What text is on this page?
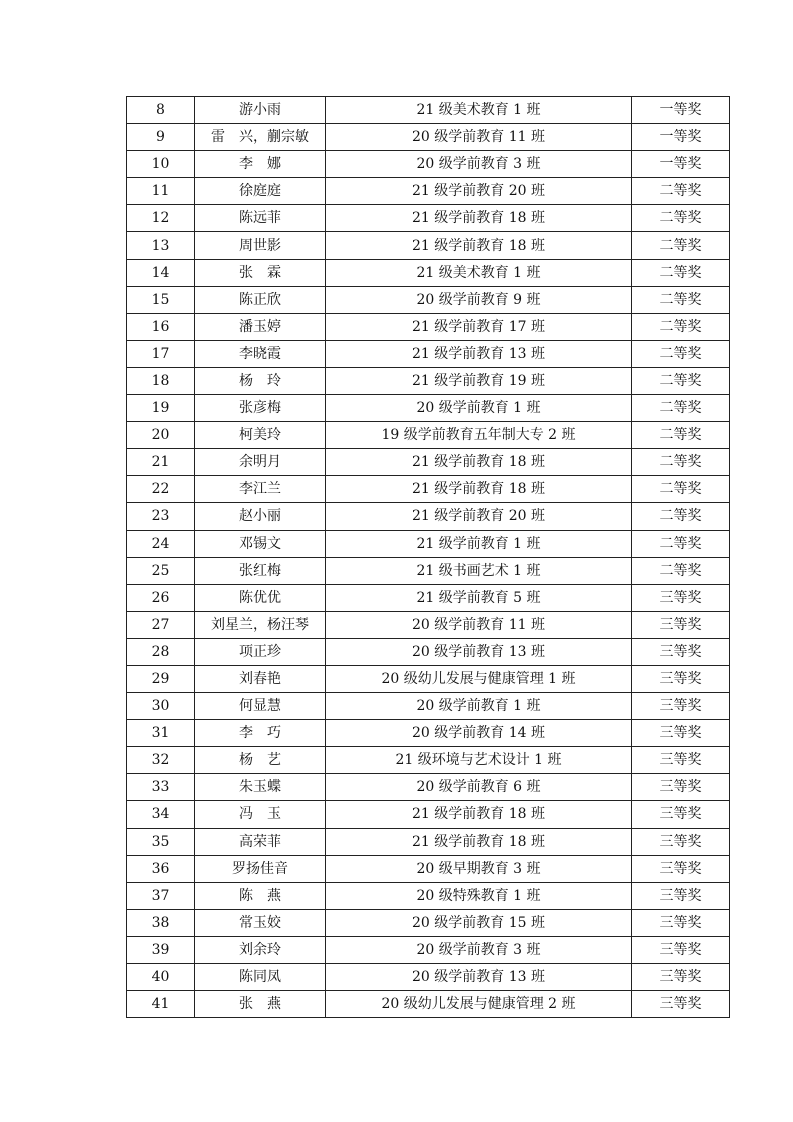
8	游小雨	21 级美术教育 1 班	一等奖
9	雷　兴，蒯宗敏	20 级学前教育 11 班	一等奖
10	李　娜	20 级学前教育 3 班	一等奖
11	徐庭庭	21 级学前教育 20 班	二等奖
12	陈远菲	21 级学前教育 18 班	二等奖
13	周世影	21 级学前教育 18 班	二等奖
14	张　霖	21 级美术教育 1 班	二等奖
15	陈正欣	20 级学前教育 9 班	二等奖
16	潘玉婷	21 级学前教育 17 班	二等奖
17	李晓霞	21 级学前教育 13 班	二等奖
18	杨　玲	21 级学前教育 19 班	二等奖
19	张彦梅	20 级学前教育 1 班	二等奖
20	柯美玲	19 级学前教育五年制大专 2 班	二等奖
21	余明月	21 级学前教育 18 班	二等奖
22	李江兰	21 级学前教育 18 班	二等奖
23	赵小丽	21 级学前教育 20 班	二等奖
24	邓锡文	21 级学前教育 1 班	二等奖
25	张红梅	21 级书画艺术 1 班	二等奖
26	陈优优	21 级学前教育 5 班	三等奖
27	刘星兰，杨汪琴	20 级学前教育 11 班	三等奖
28	项正珍	20 级学前教育 13 班	三等奖
29	刘春艳	20 级幼儿发展与健康管理 1 班	三等奖
30	何显慧	20 级学前教育 1 班	三等奖
31	李　巧	20 级学前教育 14 班	三等奖
32	杨　艺	21 级环境与艺术设计 1 班	三等奖
33	朱玉蝶	20 级学前教育 6 班	三等奖
34	冯　玉	21 级学前教育 18 班	三等奖
35	高荣菲	21 级学前教育 18 班	三等奖
36	罗扬佳音	20 级早期教育 3 班	三等奖
37	陈　燕	20 级特殊教育 1 班	三等奖
38	常玉姣	20 级学前教育 15 班	三等奖
39	刘余玲	20 级学前教育 3 班	三等奖
40	陈同凤	20 级学前教育 13 班	三等奖
41	张　燕	20 级幼儿发展与健康管理 2 班	三等奖
